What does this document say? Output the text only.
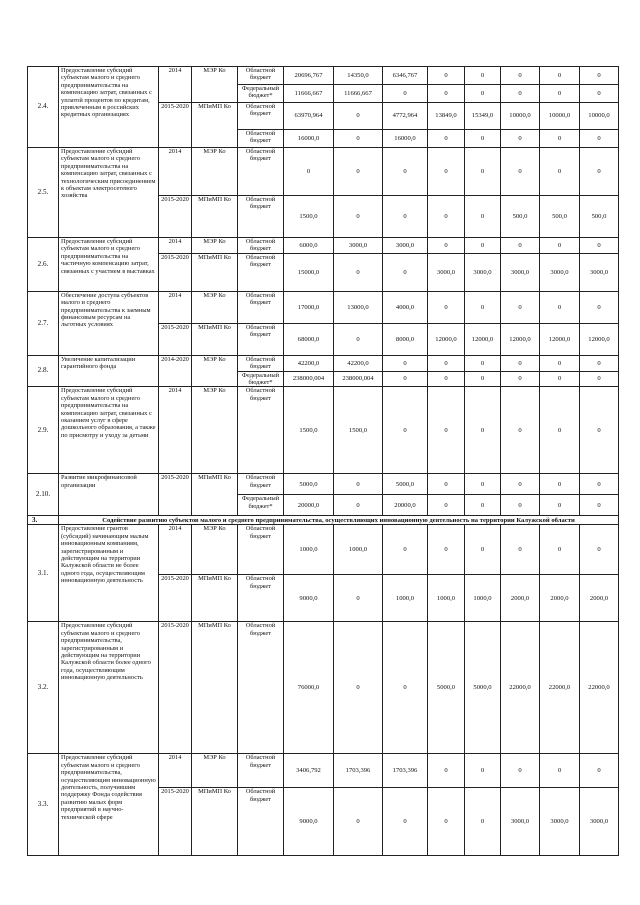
2.4.	Предоставление субсидий субъектам малого и среднего предпринимательства на компенсацию затрат, связанных с уплатой процентов по кредитам, привлеченным в российских кредитных организациях	2014	МЭР Ко	Областной бюджет	20696,767	14350,0	6346,767	0	0	0	0	0
				Федеральный бюджет*	11666,667	11666,667	0	0	0	0	0	0
		2015-2020	МПиМП Ко	Областной бюджет	63970,964	0	4772,964	13849,0	15349,0	10000,0	10000,0	10000,0
				Областной бюджет	16000,0	0	16000,0	0	0	0	0	0
2.5.	Предоставление субсидий субъектам малого и среднего предпринимательства на компенсацию затрат, связанных с технологическим присоединением к объектам электросетевого хозяйства	2014	МЭР Ко	Областной бюджет	0	0	0	0	0	0	0	0
		2015-2020	МПиМП Ко	Областной бюджет	1500,0	0	0	0	0	500,0	500,0	500,0
2.6.	Предоставление субсидий субъектам малого и среднего предпринимательства на частичную компенсацию затрат, связанных с участием в выставках	2014	МЭР Ко	Областной бюджет	6000,0	3000,0	3000,0	0	0	0	0	0
		2015-2020	МПиМП Ко	Областной бюджет	15000,0	0	0	3000,0	3000,0	3000,0	3000,0	3000,0
2.7.	Обеспечение доступа субъектов малого и среднего предпринимательства к заемным финансовым ресурсам на льготных условиях	2014	МЭР Ко	Областной бюджет	17000,0	13000,0	4000,0	0	0	0	0	0
		2015-2020	МПиМП Ко	Областной бюджет	68000,0	0	8000,0	12000,0	12000,0	12000,0	12000,0	12000,0
2.8.	Увеличение капитализации гарантийного фонда	2014-2020	МЭР Ко	Областной бюджет	42200,0	42200,0	0	0	0	0	0	0
				Федеральный бюджет*	238000,004	238000,004	0	0	0	0	0	0
2.9.	Предоставление субсидий субъектам малого и среднего предпринимательства на компенсацию затрат, связанных с оказанием услуг в сфере дошкольного образования, а также по присмотру и уходу за детьми	2014	МЭР Ко	Областной бюджет	1500,0	1500,0	0	0	0	0	0	0
2.10.	Развитие микрофинансовой организации	2015-2020	МПиМП Ко	Областной бюджет	5000,0	0	5000,0	0	0	0	0	0
				Федеральный бюджет*	20000,0	0	20000,0	0	0	0	0	0
3.	Содействие развитию субъектов малого и среднего предпринимательства, осуществляющих инновационную деятельность на территории Калужской области											
3.1.	Предоставление грантов (субсидий) начинающим малым инновационным компаниям, зарегистрированным и действующим на территории Калужской области не более одного года, осуществляющим инновационную деятельность	2014	МЭР Ко	Областной бюджет	1000,0	1000,0	0	0	0	0	0	0
		2015-2020	МПиМП Ко	Областной бюджет	9000,0	0	1000,0	1000,0	1000,0	2000,0	2000,0	2000,0
3.2.	Предоставление субсидий субъектам малого и среднего предпринимательства, зарегистрированным и действующим на территории Калужской области более одного года, осуществляющим инновационную деятельность	2015-2020	МПиМП Ко	Областной бюджет	76000,0	0	0	5000,0	5000,0	22000,0	22000,0	22000,0
3.3.	Предоставление субсидий субъектам малого и среднего предпринимательства, осуществляющим инновационную деятельность, получившим поддержку Фонда содействия развитию малых форм предприятий в научно-технической сфере	2014	МЭР Ко	Областной бюджет	3406,792	1703,396	1703,396	0	0	0	0	0
		2015-2020	МПиМП Ко	Областной бюджет	9000,0	0	0	0	0	3000,0	3000,0	3000,0
